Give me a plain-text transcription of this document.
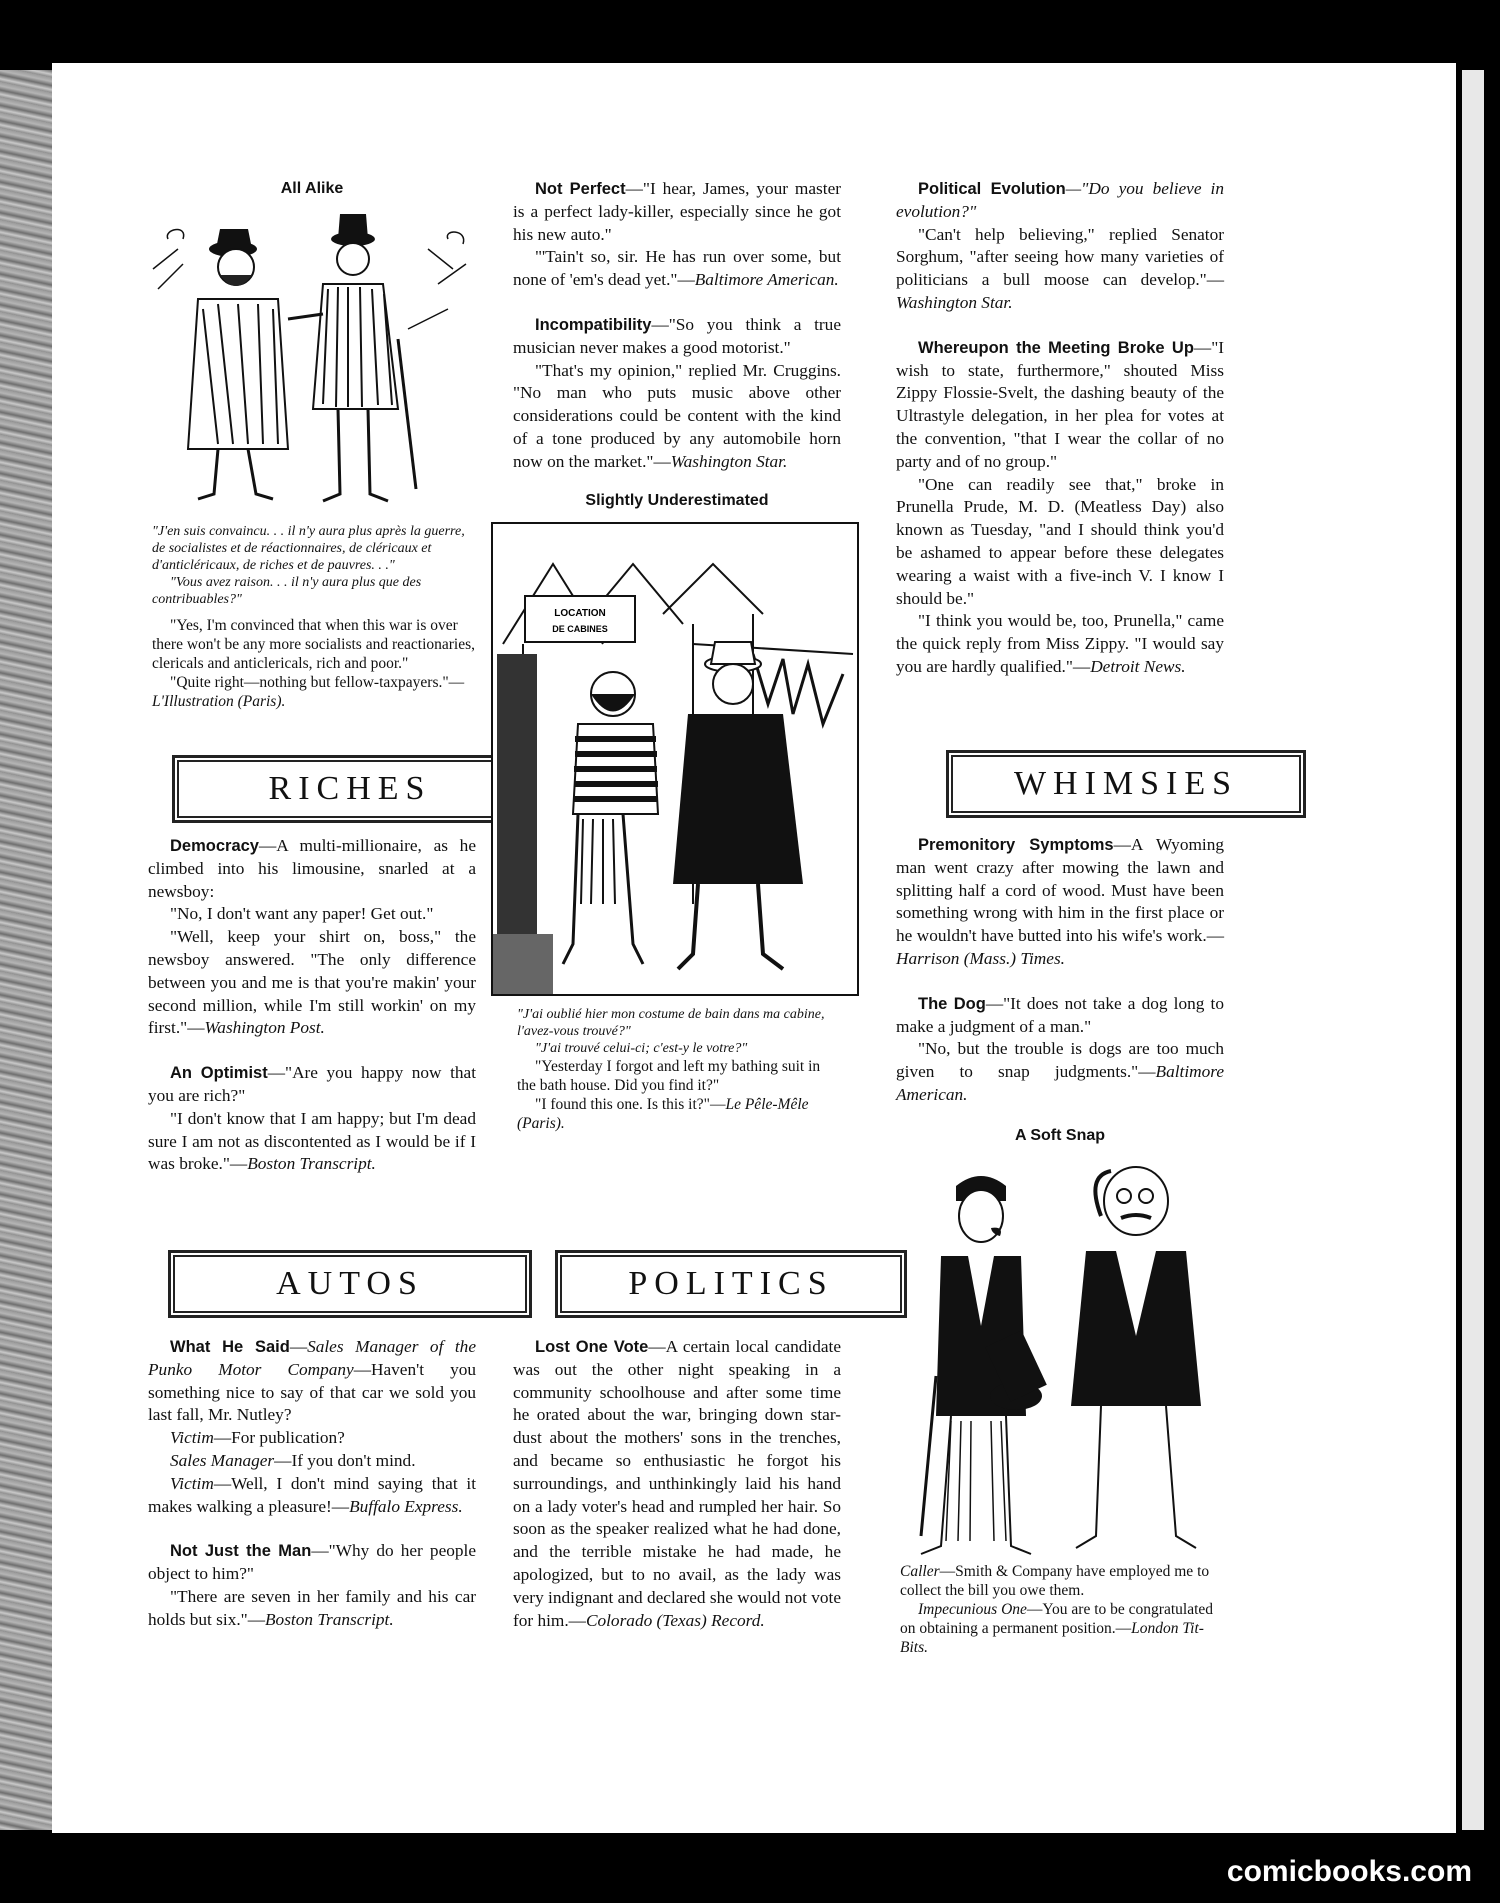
All Alike
"J'en suis convaincu. . . il n'y aura plus après la guerre, de socialistes et de réactionnaires, de cléricaux et d'anticléricaux, de riches et de pauvres. . ."
"Vous avez raison. . . il n'y aura plus que des contribuables?"
"Yes, I'm convinced that when this war is over there won't be any more socialists and reactionaries, clericals and anticlericals, rich and poor."
"Quite right—nothing but fellow-taxpayers."—L'Illustration (Paris).
RICHES

Democracy—A multi-millionaire, as he climbed into his limousine, snarled at a newsboy:

"No, I don't want any paper! Get out."

"Well, keep your shirt on, boss," the newsboy answered. "The only difference between you and me is that you're makin' your second million, while I'm still workin' on my first."—Washington Post.

An Optimist—"Are you happy now that you are rich?"

"I don't know that I am happy; but I'm dead sure I am not as discontented as I would be if I was broke."—Boston Transcript.

AUTOS

What He Said—Sales Manager of the Punko Motor Company—Haven't you something nice to say of that car we sold you last fall, Mr. Nutley?

Victim—For publication?

Sales Manager—If you don't mind.

Victim—Well, I don't mind saying that it makes walking a pleasure!—Buffalo Express.

Not Just the Man—"Why do her people object to him?"

"There are seven in her family and his car holds but six."—Boston Transcript.

Not Perfect—"I hear, James, your master is a perfect lady-killer, especially since he got his new auto."

"'Tain't so, sir. He has run over some, but none of 'em's dead yet."—Baltimore American.

Incompatibility—"So you think a true musician never makes a good motorist."

"That's my opinion," replied Mr. Cruggins. "No man who puts music above other considerations could be content with the kind of a tone produced by any automobile horn now on the market."—Washington Star.

Slightly Underestimated
LOCATION
DE CABINES
"J'ai oublié hier mon costume de bain dans ma cabine, l'avez-vous trouvé?"
"J'ai trouvé celui-ci; c'est-y le votre?"
"Yesterday I forgot and left my bathing suit in the bath house. Did you find it?"
"I found this one. Is this it?"—Le Pêle-Mêle (Paris).
POLITICS

Lost One Vote—A certain local candidate was out the other night speaking in a community schoolhouse and after some time he orated about the war, bringing down star-dust about the mothers' sons in the trenches, and became so enthusiastic he forgot his surroundings, and unthinkingly laid his hand on a lady voter's head and rumpled her hair. So soon as the speaker realized what he had done, and the terrible mistake he had made, he apologized, but to no avail, as the lady was very indignant and declared she would not vote for him.—Colorado (Texas) Record.

Political Evolution—"Do you believe in evolution?"

"Can't help believing," replied Senator Sorghum, "after seeing how many varieties of politicians a bull moose can develop."—Washington Star.

Whereupon the Meeting Broke Up—"I wish to state, furthermore," shouted Miss Zippy Flossie-Svelt, the dashing beauty of the Ultrastyle delegation, in her plea for votes at the convention, "that I wear the collar of no party and of no group."

"One can readily see that," broke in Prunella Prude, M. D. (Meatless Day) also known as Tuesday, "and I should think you'd be ashamed to appear before these delegates wearing a waist with a five-inch V. I know I should be."

"I think you would be, too, Prunella," came the quick reply from Miss Zippy. "I would say you are hardly qualified."—Detroit News.

WHIMSIES

Premonitory Symptoms—A Wyoming man went crazy after mowing the lawn and splitting half a cord of wood. Must have been something wrong with him in the first place or he wouldn't have butted into his wife's work.—Harrison (Mass.) Times.

The Dog—"It does not take a dog long to make a judgment of a man."

"No, but the trouble is dogs are too much given to snap judgments."—Baltimore American.

A Soft Snap
Caller—Smith & Company have employed me to collect the bill you owe them.
Impecunious One—You are to be congratulated on obtaining a permanent position.—London Tit-Bits.
comicbooks.com
